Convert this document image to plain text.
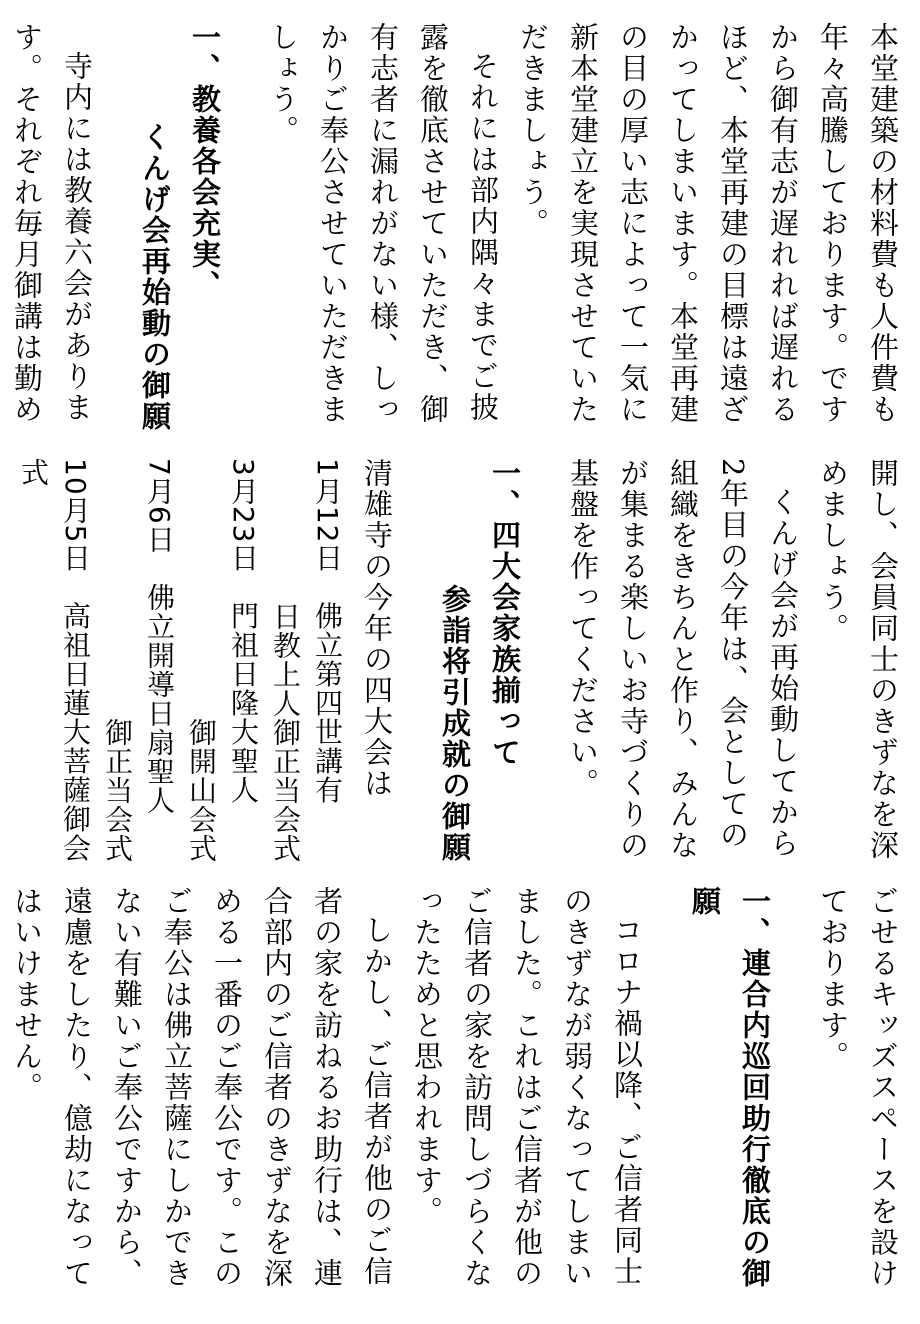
本堂建築の材料費も人件費も年々高騰しております。ですから御有志が遅れれば遅れるほど、本堂再建の目標は遠ざかってしまいます。本堂再建の目の厚い志によって一気に新本堂建立を実現させていただきましょう。

それには部内隅々までご披露を徹底させていただき、御有志者に漏れがない様、しっかりご奉公させていただきましょう。

一、教養各会充実、
くんげ会再始動の御願

寺内には教養六会があります。それぞれ毎月御講は勤め

開し、会員同士のきずなを深めましょう。

くんげ会が再始動してから2年目の今年は、会としての組織をきちんと作り、みんなが集まる楽しいお寺づくりの基盤を作ってください。

一、四大会家族揃って
参詣将引成就の御願

清雄寺の今年の四大会は

1月12日　佛立第四世講有
日教上人御正当会式
3月23日　門祖日隆大聖人
御開山会式
7月6日　佛立開導日扇聖人
御正当会式
10月5日　高祖日蓮大菩薩御会式

ごせるキッズスペースを設けております。

一、連合内巡回助行徹底の御願

コロナ禍以降、ご信者同士のきずなが弱くなってしまいました。これはご信者が他のご信者の家を訪問しづらくなったためと思われます。

しかし、ご信者が他のご信者の家を訪ねるお助行は、連合部内のご信者のきずなを深める一番のご奉公です。このご奉公は佛立菩薩にしかできない有難いご奉公ですから、遠慮をしたり、億劫になってはいけません。
